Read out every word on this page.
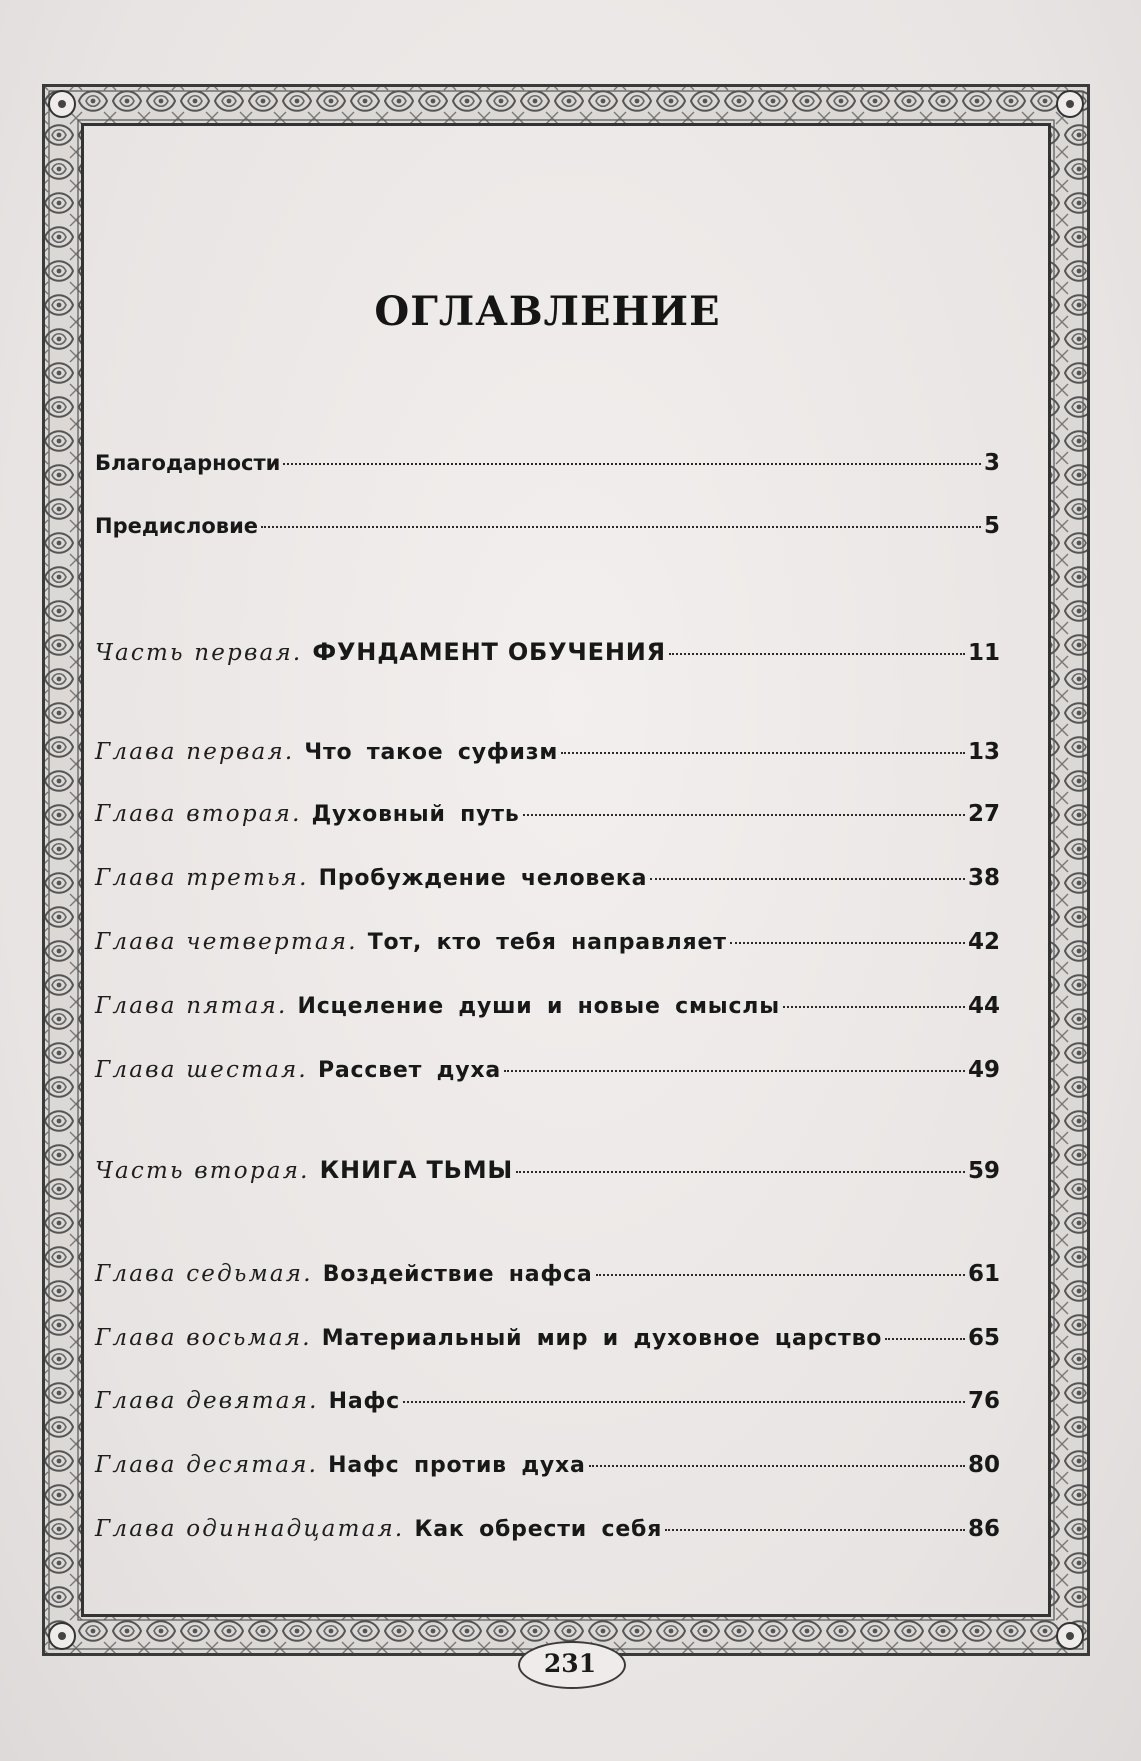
ОГЛАВЛЕНИЕ
Благодарности	3
Предисловие	5
Часть первая. ФУНДАМЕНТ ОБУЧЕНИЯ	11
Глава первая. Что такое суфизм	13
Глава вторая. Духовный путь	27
Глава третья. Пробуждение человека	38
Глава четвертая. Тот, кто тебя направляет	42
Глава пятая. Исцеление души и новые смыслы	44
Глава шестая. Рассвет духа	49
Часть вторая. КНИГА ТЬМЫ	59
Глава седьмая. Воздействие нафса	61
Глава восьмая. Материальный мир и духовное царство	65
Глава девятая. Нафс	76
Глава десятая. Нафс против духа	80
Глава одиннадцатая. Как обрести себя	86
231
